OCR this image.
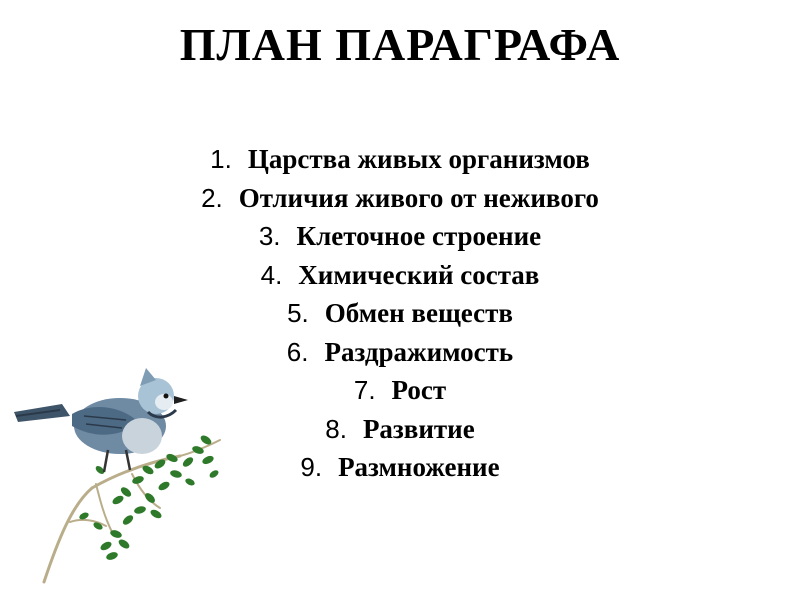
ПЛАН ПАРАГРАФА
1. Царства живых организмов
2. Отличия живого от неживого
3. Клеточное строение
4. Химический состав
5. Обмен веществ
6. Раздражимость
7. Рост
8. Развитие
9. Размножение
